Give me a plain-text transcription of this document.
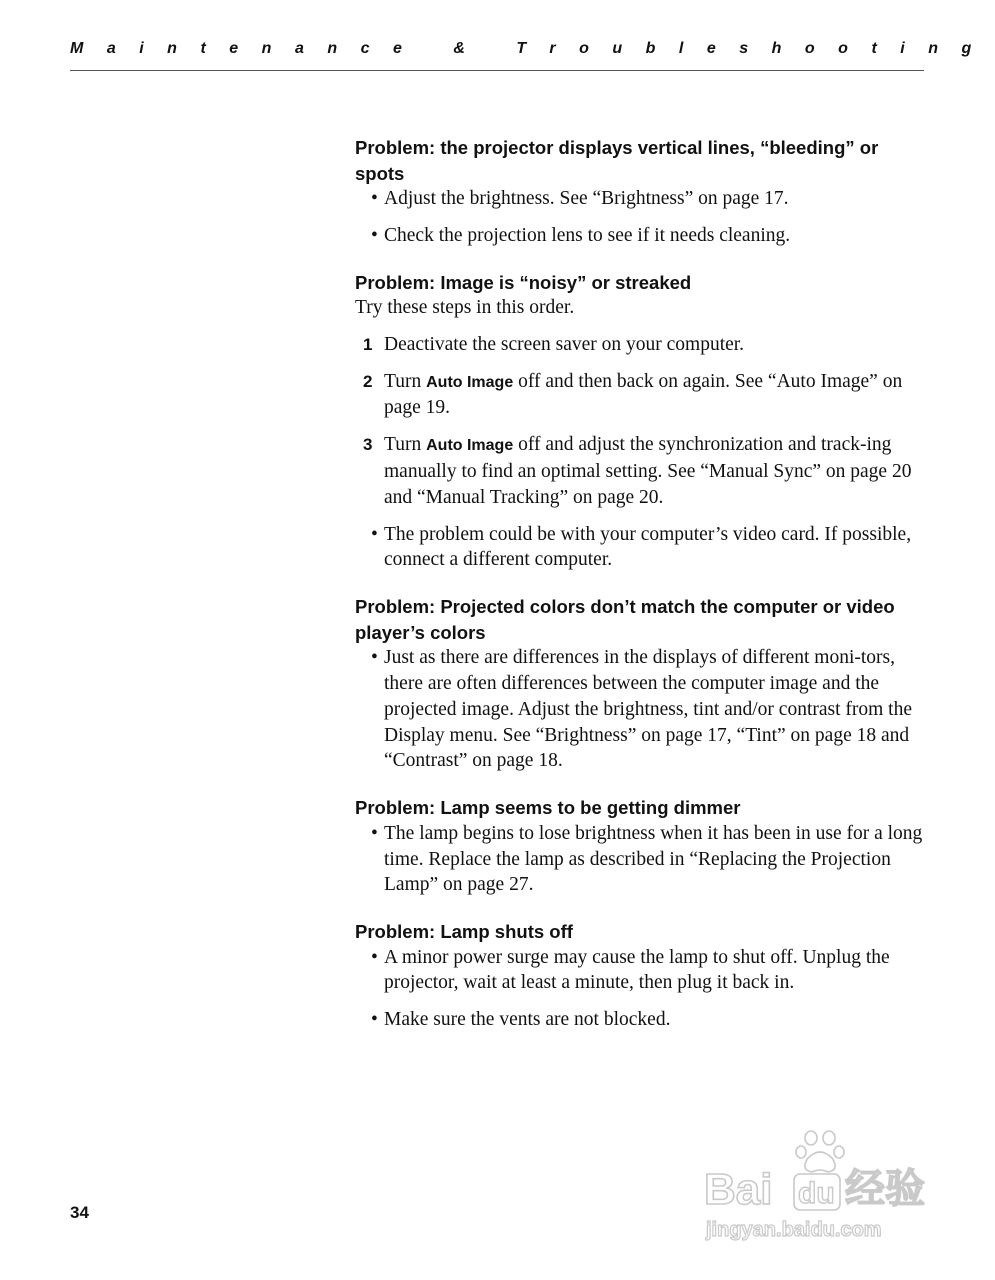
Maintenance & Troubleshooting
Problem: the projector displays vertical lines, “bleeding” or spots
• Adjust the brightness. See “Brightness” on page 17.
• Check the projection lens to see if it needs cleaning.
Problem: Image is “noisy” or streaked
Try these steps in this order.
1 Deactivate the screen saver on your computer.
2 Turn Auto Image off and then back on again. See “Auto Image” on page 19.
3 Turn Auto Image off and adjust the synchronization and track-ing manually to find an optimal setting. See “Manual Sync” on page 20 and “Manual Tracking” on page 20.
• The problem could be with your computer’s video card. If possible, connect a different computer.
Problem: Projected colors don’t match the computer or video player’s colors
• Just as there are differences in the displays of different moni-tors, there are often differences between the computer image and the projected image. Adjust the brightness, tint and/or contrast from the Display menu. See “Brightness” on page 17, “Tint” on page 18 and “Contrast” on page 18.
Problem: Lamp seems to be getting dimmer
• The lamp begins to lose brightness when it has been in use for a long time. Replace the lamp as described in “Replacing the Projection Lamp” on page 27.
Problem: Lamp shuts off
• A minor power surge may cause the lamp to shut off. Unplug the projector, wait at least a minute, then plug it back in.
• Make sure the vents are not blocked.
34	Bai du 经验
jingyan.baidu.com
